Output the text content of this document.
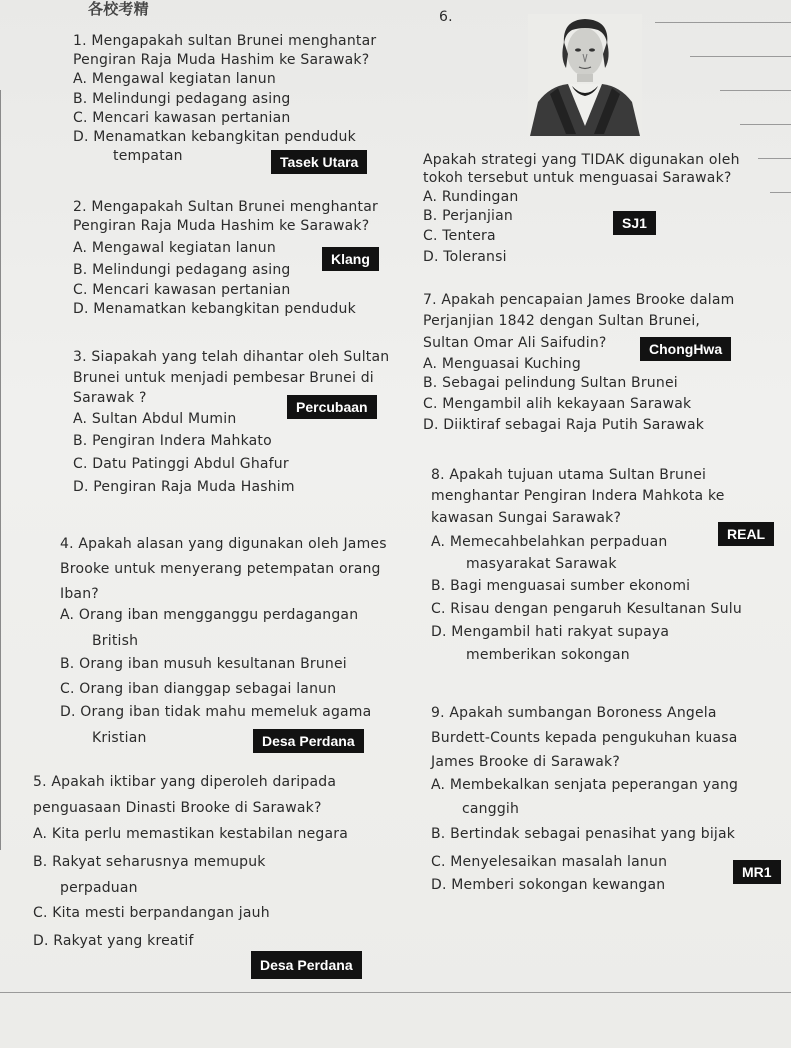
各校考精	6.
1. Mengapakah sultan Brunei menghantar
Pengiran Raja Muda Hashim ke Sarawak?
A. Mengawal kegiatan lanun
B. Melindungi pedagang asing
C. Mencari kawasan pertanian
D. Menamatkan kebangkitan penduduk
tempatan	Tasek Utara	Apakah strategi yang TIDAK digunakan oleh
tokoh tersebut untuk menguasai Sarawak?
A. Rundingan
B. Perjanjian
C. Tentera
D. Toleransi
SJ1
2. Mengapakah Sultan Brunei menghantar
Pengiran Raja Muda Hashim ke Sarawak?
A. Mengawal kegiatan lanun
B. Melindungi pedagang asing
C. Mencari kawasan pertanian
D. Menamatkan kebangkitan penduduk
Klang
7. Apakah pencapaian James Brooke dalam
Perjanjian 1842 dengan Sultan Brunei,
Sultan Omar Ali Saifudin?
A. Menguasai Kuching
B. Sebagai pelindung Sultan Brunei
C. Mengambil alih kekayaan Sarawak
D. Diiktiraf sebagai Raja Putih Sarawak
ChongHwa
3. Siapakah yang telah dihantar oleh Sultan
Brunei untuk menjadi pembesar Brunei di
Sarawak ?
A. Sultan Abdul Mumin
B. Pengiran Indera Mahkato
C. Datu Patinggi Abdul Ghafur
D. Pengiran Raja Muda Hashim
Percubaan
8. Apakah tujuan utama Sultan Brunei
menghantar Pengiran Indera Mahkota ke
kawasan Sungai Sarawak?
A. Memecahbelahkan perpaduan
masyarakat Sarawak
B. Bagi menguasai sumber ekonomi
C. Risau dengan pengaruh Kesultanan Sulu
D. Mengambil hati rakyat supaya
memberikan sokongan
REAL
4. Apakah alasan yang digunakan oleh James
Brooke untuk menyerang petempatan orang
Iban?
A. Orang iban mengganggu perdagangan
British
B. Orang iban musuh kesultanan Brunei
C. Orang iban dianggap sebagai lanun
D. Orang iban tidak mahu memeluk agama
Kristian	Desa Perdana
9. Apakah sumbangan Boroness Angela
Burdett-Counts kepada pengukuhan kuasa
James Brooke di Sarawak?
A. Membekalkan senjata peperangan yang
canggih
B. Bertindak sebagai penasihat yang bijak
C. Menyelesaikan masalah lanun
D. Memberi sokongan kewangan
MR1
5. Apakah iktibar yang diperoleh daripada
penguasaan Dinasti Brooke di Sarawak?
A. Kita perlu memastikan kestabilan negara
B. Rakyat seharusnya memupuk
perpaduan
C. Kita mesti berpandangan jauh
D. Rakyat yang kreatif
Desa Perdana
